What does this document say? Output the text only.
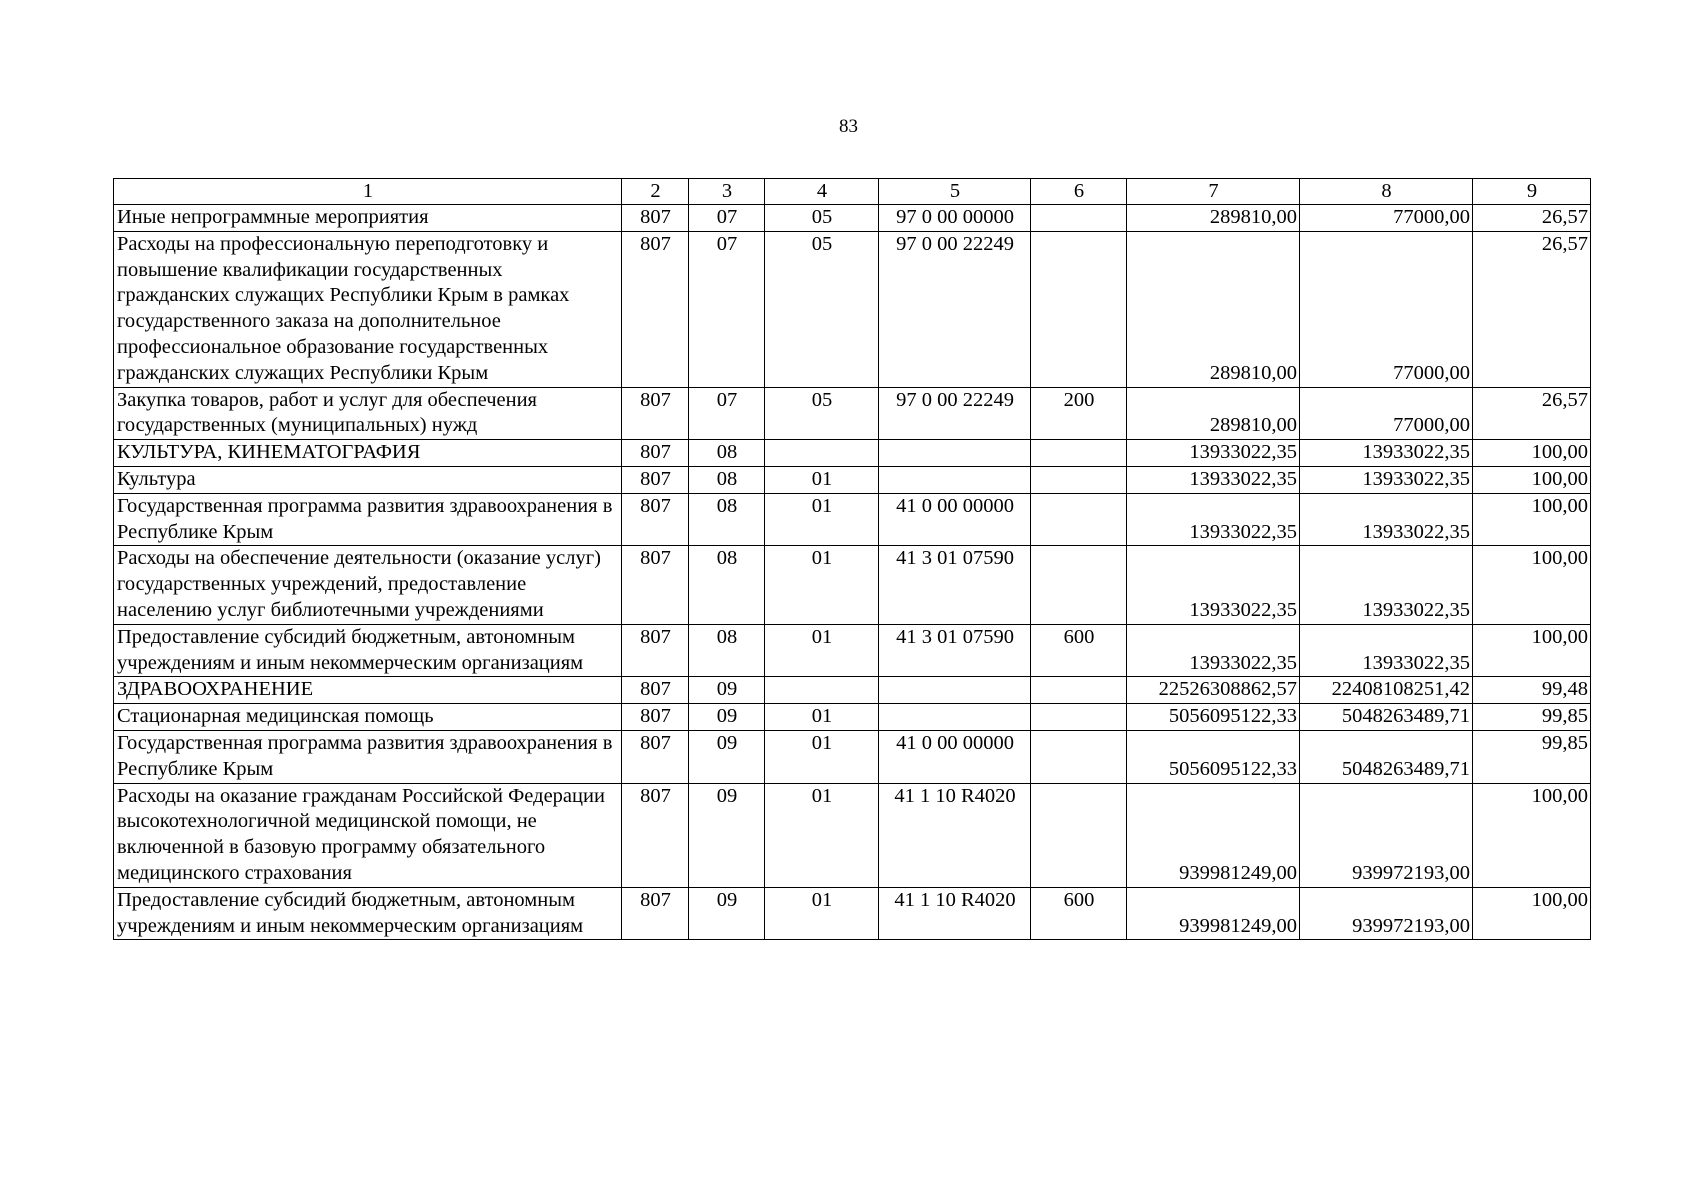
83
1	2	3	4	5	6	7	8	9
Иные непрограммные мероприятия	807	07	05	97 0 00 00000		289810,00	77000,00	26,57
Расходы на профессиональную переподготовку и повышение квалификации государственных гражданских служащих Республики Крым в рамках государственного заказа на дополнительное профессиональное образование государственных гражданских служащих Республики Крым	807	07	05	97 0 00 22249		289810,00	77000,00	26,57
Закупка товаров, работ и услуг для обеспечения государственных (муниципальных) нужд	807	07	05	97 0 00 22249	200	289810,00	77000,00	26,57
КУЛЬТУРА, КИНЕМАТОГРАФИЯ	807	08				13933022,35	13933022,35	100,00
Культура	807	08	01			13933022,35	13933022,35	100,00
Государственная программа развития здравоохранения в Республике Крым	807	08	01	41 0 00 00000		13933022,35	13933022,35	100,00
Расходы на обеспечение деятельности (оказание услуг) государственных учреждений, предоставление населению услуг библиотечными учреждениями	807	08	01	41 3 01 07590		13933022,35	13933022,35	100,00
Предоставление субсидий бюджетным, автономным учреждениям и иным некоммерческим организациям	807	08	01	41 3 01 07590	600	13933022,35	13933022,35	100,00
ЗДРАВООХРАНЕНИЕ	807	09				22526308862,57	22408108251,42	99,48
Стационарная медицинская помощь	807	09	01			5056095122,33	5048263489,71	99,85
Государственная программа развития здравоохранения в Республике Крым	807	09	01	41 0 00 00000		5056095122,33	5048263489,71	99,85
Расходы на оказание гражданам Российской Федерации высокотехнологичной медицинской помощи, не включенной в базовую программу обязательного медицинского страхования	807	09	01	41 1 10 R4020		939981249,00	939972193,00	100,00
Предоставление субсидий бюджетным, автономным учреждениям и иным некоммерческим организациям	807	09	01	41 1 10 R4020	600	939981249,00	939972193,00	100,00
